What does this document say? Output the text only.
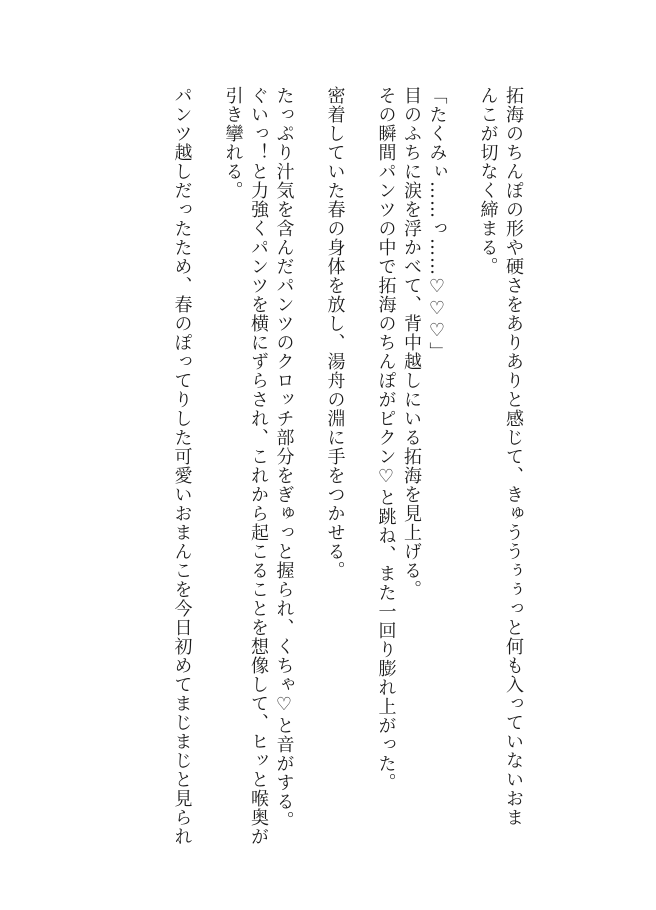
拓海のちんぽの形や硬さをありありと感じて、きゅううぅぅっと何も入っていないおま
んこが切なく締まる。
「たくみぃ……っ……♡♡♡」
目のふちに涙を浮かべて、背中越しにいる拓海を見上げる。
その瞬間パンツの中で拓海のちんぽがピクン♡と跳ね、また一回り膨れ上がった。
密着していた春の身体を放し、湯舟の淵に手をつかせる。
たっぷり汁気を含んだパンツのクロッチ部分をぎゅっと握られ、くちゃ♡と音がする。
ぐいっ！と力強くパンツを横にずらされ、これから起こることを想像して、ヒッと喉奥が
引き攣れる。
パンツ越しだったため、春のぽってりした可愛いおまんこを今日初めてまじまじと見られ
